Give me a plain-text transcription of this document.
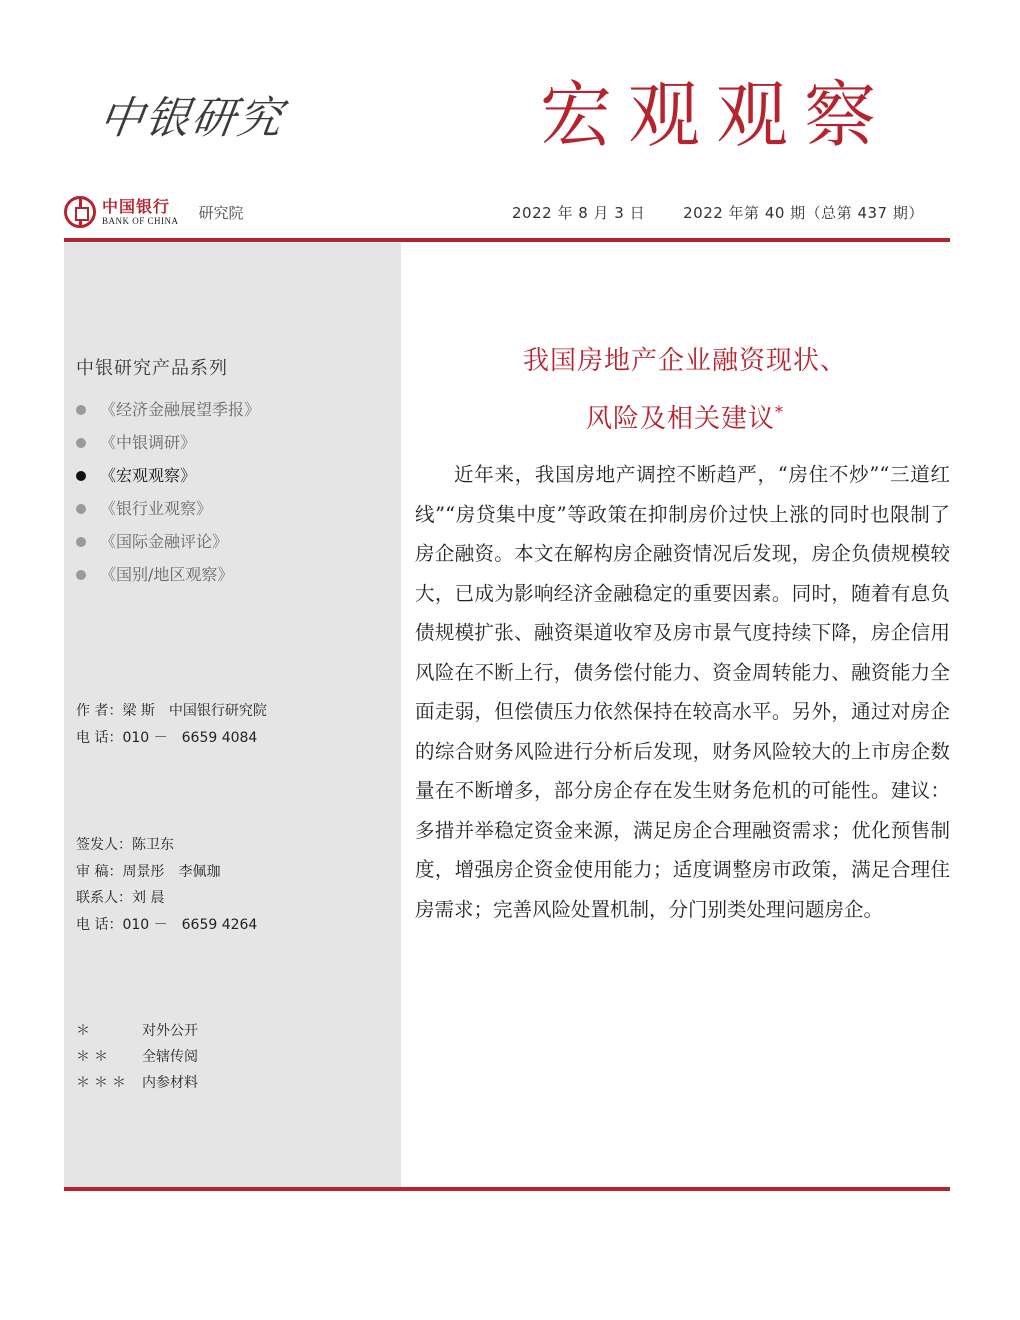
中银研究	宏观观察
中国银行
BANK OF CHINA 研究院	2022 年 8 月 3 日	2022 年第 40 期（总第 437 期）
中银研究产品系列
《经济金融展望季报》
《中银调研》
《宏观观察》
《银行业观察》
《国际金融评论》
《国别/地区观察》
作 者：梁 斯　中国银行研究院
电 话：010 －　6659 4084
签发人：陈卫东
审 稿：周景彤　李佩珈
联系人：刘 晨
电 话：010 －　6659 4264
＊	对外公开
＊＊ 全辖传阅
＊＊＊ 内参材料
我国房地产企业融资现状、
风险及相关建议*

近年来，我国房地产调控不断趋严，“房住不炒”“三道红线”“房贷集中度”等政策在抑制房价过快上涨的同时也限制了房企融资。本文在解构房企融资情况后发现，房企负债规模较大，已成为影响经济金融稳定的重要因素。同时，随着有息负债规模扩张、融资渠道收窄及房市景气度持续下降，房企信用风险在不断上行，债务偿付能力、资金周转能力、融资能力全面走弱，但偿债压力依然保持在较高水平。另外，通过对房企的综合财务风险进行分析后发现，财务风险较大的上市房企数量在不断增多，部分房企存在发生财务危机的可能性。建议：多措并举稳定资金来源，满足房企合理融资需求；优化预售制度，增强房企资金使用能力；适度调整房市政策，满足合理住房需求；完善风险处置机制，分门别类处理问题房企。
